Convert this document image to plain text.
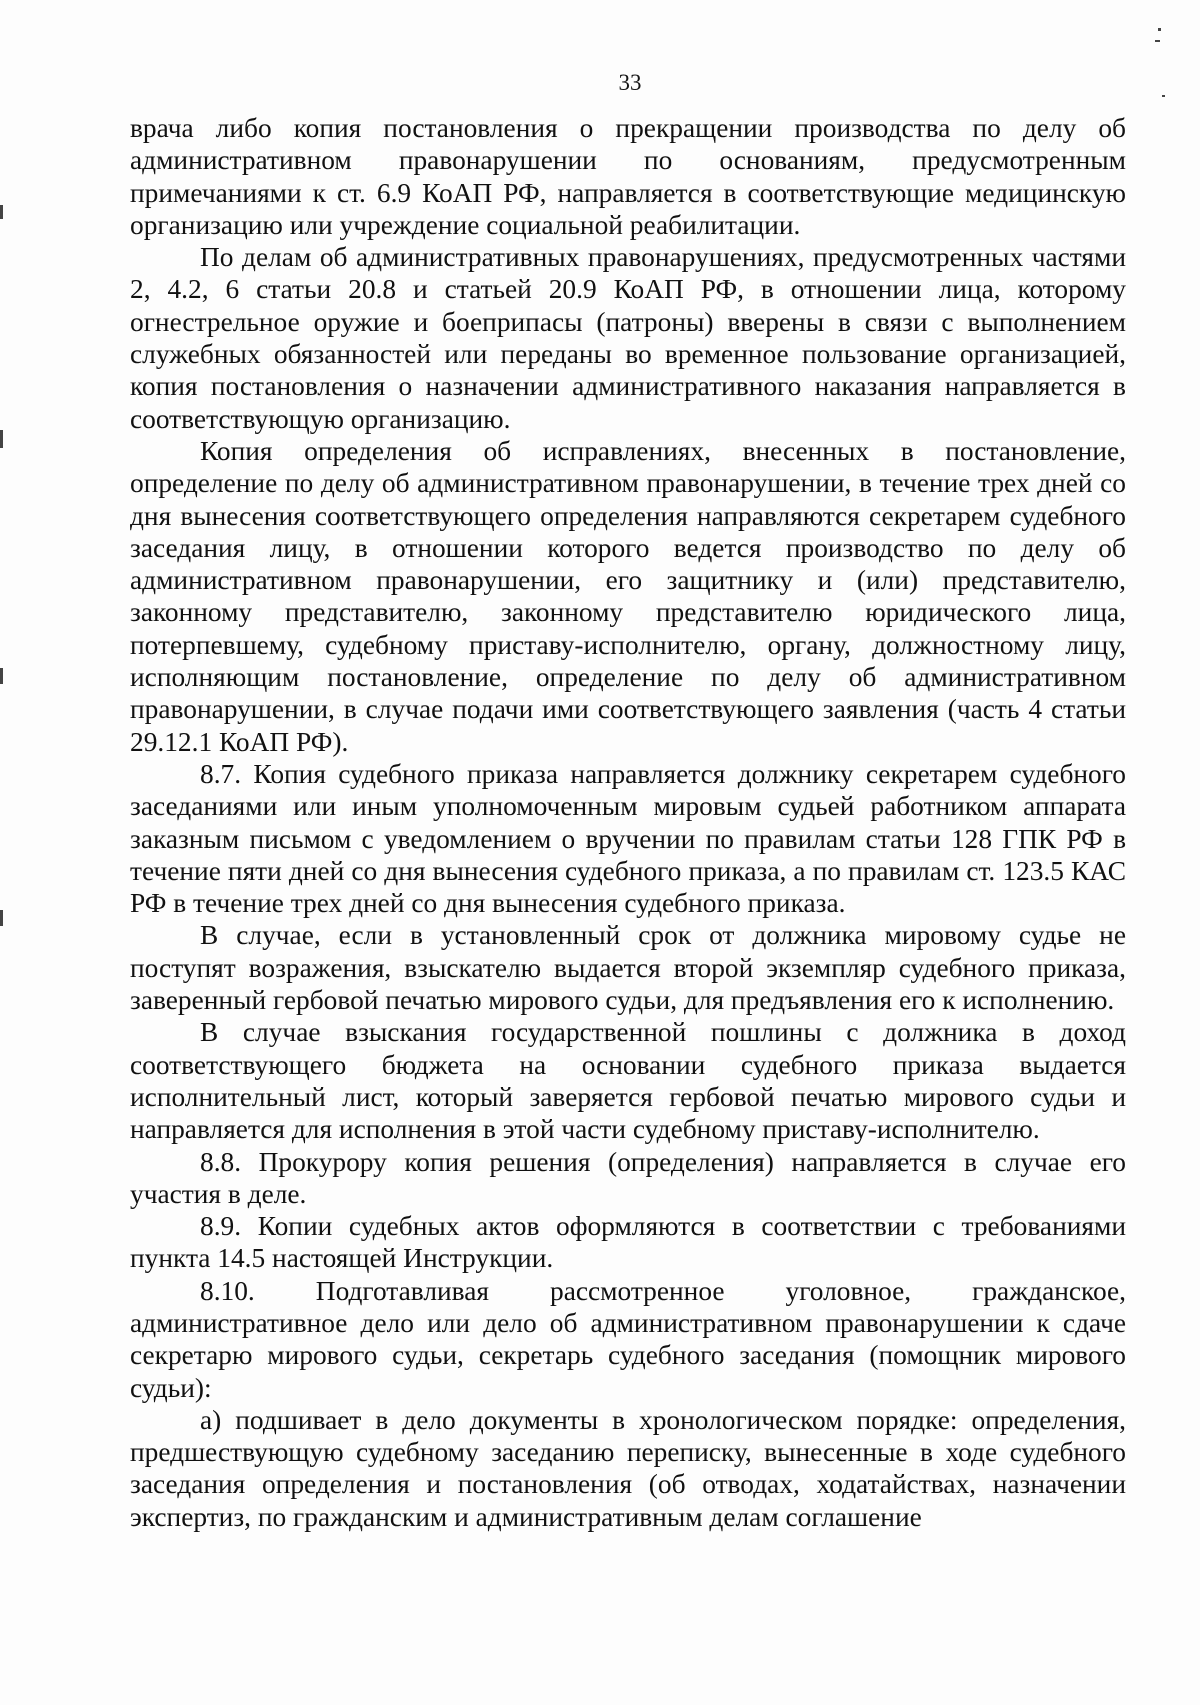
33

врача либо копия постановления о прекращении производства по делу об административном правонарушении по основаниям, предусмотренным примечаниями к ст. 6.9 КоАП РФ, направляется в соответствующие медицинскую организацию или учреждение социальной реабилитации.

По делам об административных правонарушениях, предусмотренных частями 2, 4.2, 6 статьи 20.8 и статьей 20.9 КоАП РФ, в отношении лица, которому огнестрельное оружие и боеприпасы (патроны) вверены в связи с выполнением служебных обязанностей или переданы во временное пользование организацией, копия постановления о назначении административного наказания направляется в соответствующую организацию.

Копия определения об исправлениях, внесенных в постановление, определение по делу об административном правонарушении, в течение трех дней со дня вынесения соответствующего определения направляются секретарем судебного заседания лицу, в отношении которого ведется производство по делу об административном правонарушении, его защитнику и (или) представителю, законному представителю, законному представителю юридического лица, потерпевшему, судебному приставу-исполнителю, органу, должностному лицу, исполняющим постановление, определение по делу об административном правонарушении, в случае подачи ими соответствующего заявления (часть 4 статьи 29.12.1 КоАП РФ).

8.7. Копия судебного приказа направляется должнику секретарем судебного заседаниями или иным уполномоченным мировым судьей работником аппарата заказным письмом с уведомлением о вручении по правилам статьи 128 ГПК РФ в течение пяти дней со дня вынесения судебного приказа, а по правилам ст. 123.5 КАС РФ в течение трех дней со дня вынесения судебного приказа.

В случае, если в установленный срок от должника мировому судье не поступят возражения, взыскателю выдается второй экземпляр судебного приказа, заверенный гербовой печатью мирового судьи, для предъявления его к исполнению.

В случае взыскания государственной пошлины с должника в доход соответствующего бюджета на основании судебного приказа выдается исполнительный лист, который заверяется гербовой печатью мирового судьи и направляется для исполнения в этой части судебному приставу-исполнителю.

8.8. Прокурору копия решения (определения) направляется в случае его участия в деле.

8.9. Копии судебных актов оформляются в соответствии с требованиями пункта 14.5 настоящей Инструкции.

8.10. Подготавливая рассмотренное уголовное, гражданское, административное дело или дело об административном правонарушении к сдаче секретарю мирового судьи, секретарь судебного заседания (помощник мирового судьи):

а) подшивает в дело документы в хронологическом порядке: определения, предшествующую судебному заседанию переписку, вынесенные в ходе судебного заседания определения и постановления (об отводах, ходатайствах, назначении экспертиз, по гражданским и административным делам соглашение
